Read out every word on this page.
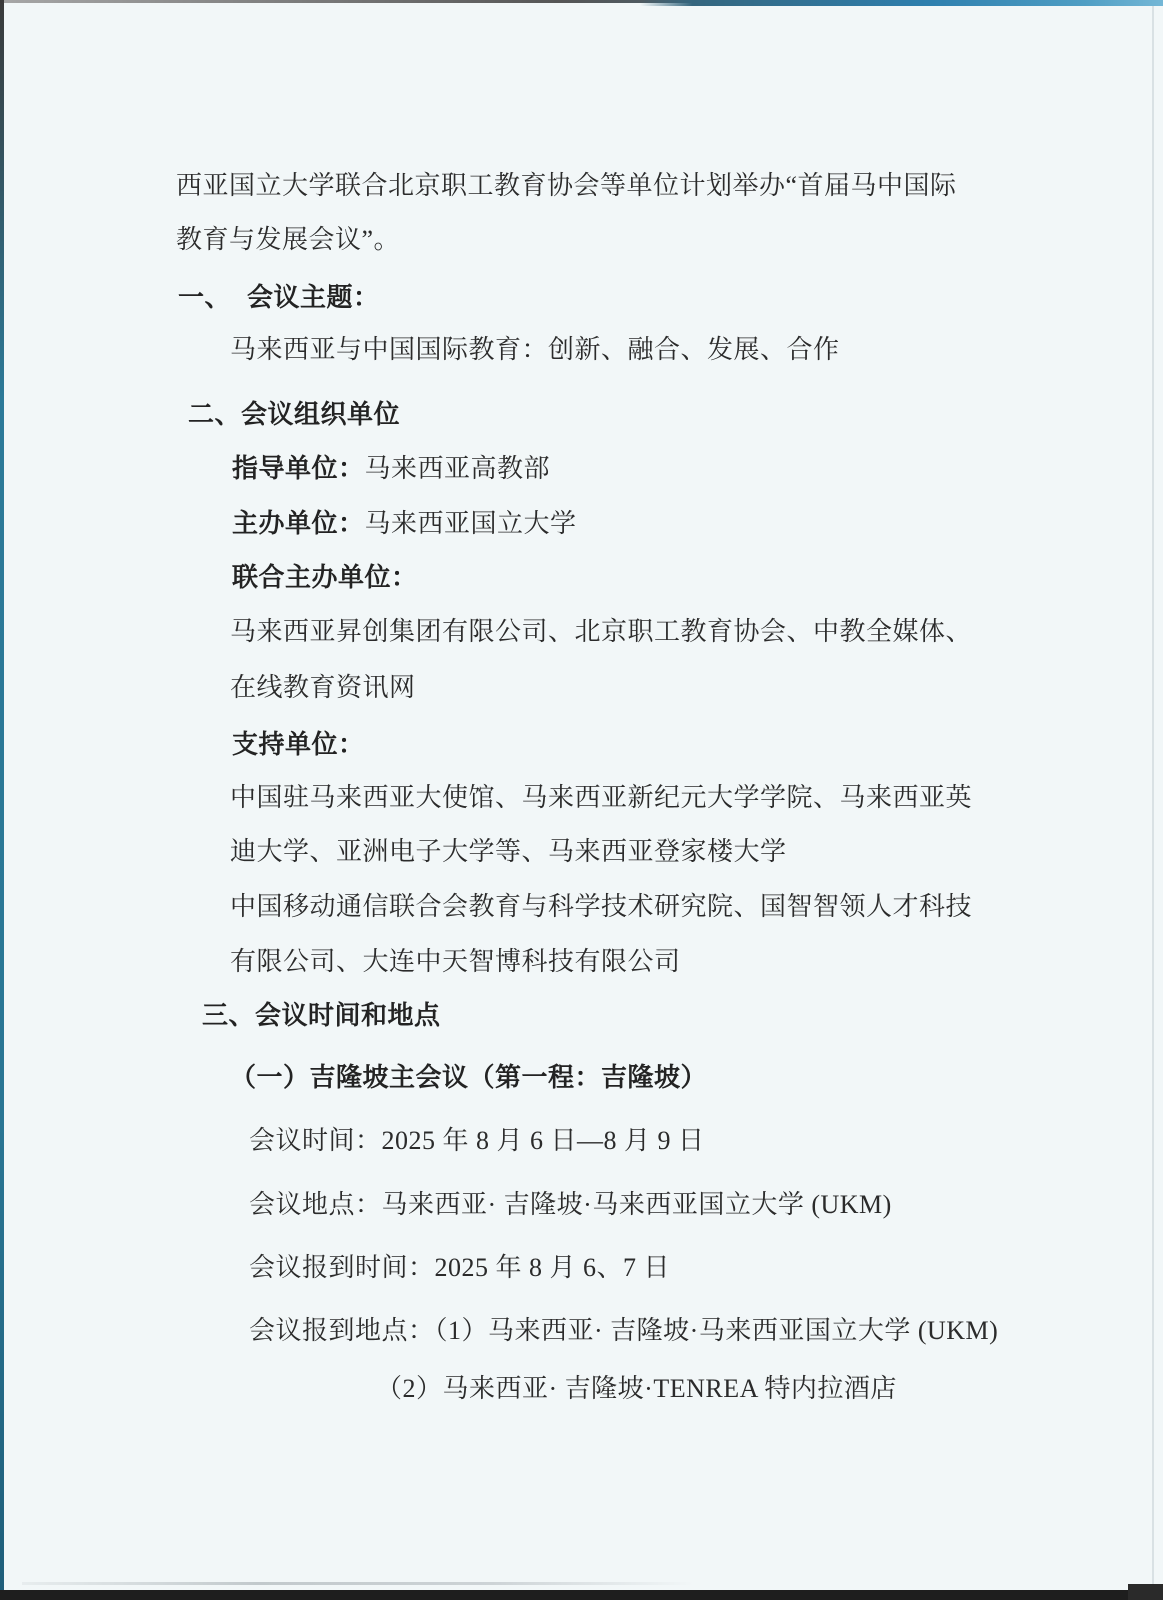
西亚国立大学联合北京职工教育协会等单位计划举办“首届马中国际
教育与发展会议”。
一、 会议主题：
马来西亚与中国国际教育：创新、融合、发展、合作
二、会议组织单位
指导单位：马来西亚高教部
主办单位：马来西亚国立大学
联合主办单位：
马来西亚昇创集团有限公司、北京职工教育协会、中教全媒体、
在线教育资讯网
支持单位：
中国驻马来西亚大使馆、马来西亚新纪元大学学院、马来西亚英
迪大学、亚洲电子大学等、马来西亚登家楼大学
中国移动通信联合会教育与科学技术研究院、国智智领人才科技
有限公司、大连中天智博科技有限公司
三、会议时间和地点
（一）吉隆坡主会议（第一程：吉隆坡）
会议时间：2025 年 8 月 6 日—8 月 9 日
会议地点：马来西亚· 吉隆坡·马来西亚国立大学 (UKM)
会议报到时间：2025 年 8 月 6、7 日
会议报到地点：（1）马来西亚· 吉隆坡·马来西亚国立大学 (UKM)
（2）马来西亚· 吉隆坡·TENREA 特内拉酒店
